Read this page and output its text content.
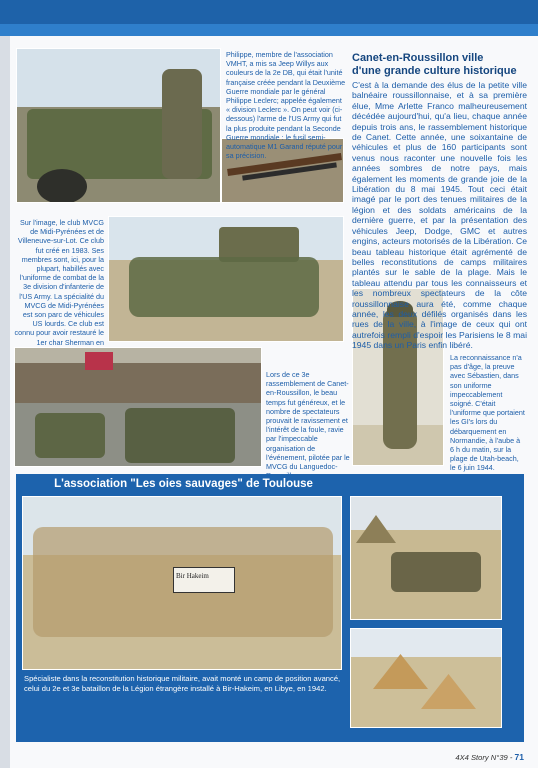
Philippe, membre de l'association VMHT, a mis sa Jeep Willys aux couleurs de la 2e DB, qui était l'unité française créée pendant la Deuxième Guerre mondiale par le général Philippe Leclerc; appelée également « division Leclerc ». On peut voir (ci-dessous) l'arme de l'US Army qui fut la plus produite pendant la Seconde Guerre mondiale : le fusil semi-automatique M1 Garand réputé pour sa précision.
Sur l'image, le club MVCG de Midi-Pyrénées et de Villeneuve-sur-Lot. Ce club fut créé en 1983. Ses membres sont, ici, pour la plupart, habillés avec l'uniforme de combat de la 3e division d'infanterie de l'US Army. La spécialité du MVCG de Midi-Pyrénées est son parc de véhicules US lourds. Ce club est connu pour avoir restauré le 1er char Sherman en
Lors de ce 3e rassemblement de Canet-en-Roussillon, le beau temps fut généreux, et le nombre de spectateurs prouvait le ravissement et l'intérêt de la foule, ravie par l'impeccable organisation de l'événement, pilotée par le MVCG du Languedoc-
La reconnaissance n'a pas d'âge, la preuve avec Sébastien, dans son uniforme impeccablement soigné. C'était l'uniforme que portaient les GI's lors du débarquement en Normandie, à l'aube à 6 h du matin, sur la plage de Utah-beach, le 6 juin 1944.
Canet-en-Roussillon ville
d'une grande culture historique
C'est à la demande des élus de la petite ville balnéaire roussillonnaise, et à sa première élue, Mme Arlette Franco malheureusement décédée aujourd'hui, qu'a lieu, chaque année depuis trois ans, le rassemblement historique de Canet. Cette année, une soixantaine de véhicules et plus de 160 participants sont venus nous raconter une nouvelle fois les années sombres de notre pays, mais également les moments de grande joie de la Libération du 8 mai 1945. Tout ceci était imagé par le port des tenues militaires de la légion et des soldats américains de la dernière guerre, et par la présentation des véhicules Jeep, Dodge, GMC et autres engins, acteurs motorisés de la Libération. Ce beau tableau historique était agrémenté de belles reconstitutions de camps militaires plantés sur le sable de la plage. Mais le tableau attendu par tous les connaisseurs et les nombreux spectateurs de la côte roussillonnaise aura été, comme chaque année, les deux défilés organisés dans les rues de la ville, à l'image de ceux qui ont autrefois rempli d'espoir les Parisiens le 8 mai 1945 dans un Paris enfin libéré.
L'association "Les oies sauvages" de Toulouse
Bir Hakeim
Spécialiste dans la reconstitution historique militaire, avait monté un camp de position avancé, celui du 2e et 3e bataillon de la Légion étrangère installé à Bir-Hakeim, en Libye, en 1942.
4X4 Story N°39 - 71
